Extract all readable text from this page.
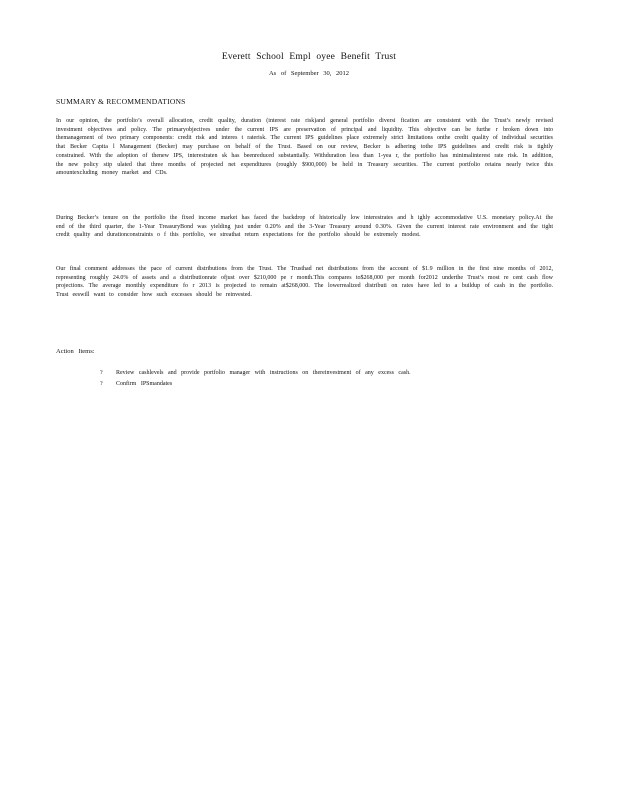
Everett School Empl oyee Benefit Trust
As of September 30, 2012
SUMMARY & RECOMMENDATIONS

In our opinion, the portfolio’s overall allocation, credit quality, duration (interest rate risk)and general portfolio diversi fication are consistent with the Trust’s newly revised investment objectives and policy. The primaryobjectives under the current IPS are preservation of principal and liquidity. This objective can be furthe r broken down into themanagement of two primary components: credit risk and interes t raterisk. The current IPS guidelines place extremely strict limitations onthe credit quality of individual securities that Becker Capita l Management (Becker) may purchase on behalf of the Trust. Based on our review, Becker is adhering tothe IPS guidelines and credit risk is tightly constrained. With the adoption of thenew IPS, interestraten sk has beenreduced substantially. Withduration less than 1-yea r, the portfolio has minimalinterest rate risk. In addition, the new policy stip ulated that three months of projected net expenditures (roughly $900,000) be held in Treasury securities. The current portfolio retains nearly twice this amountexcluding money market and CDs.

During Becker’s tenure on the portfolio the fixed income market has faced the backdrop of historically low interestrates and h ighly accommodative U.S. monetary policy.At the end of the third quarter, the 1-Year TreasuryBond was yielding just under 0.20% and the 3-Year Treasury around 0.30%. Given the current interest rate environment and the tight credit quality and durationconstraints o f this portfolio, we streathat return expectations for the portfolio should be extremely modest.

Our final comment addresses the pace of current distributions from the Trust. The Trusthad net distributions from the account of $1.9 million in the first nine months of 2012, representing roughly 24.0% of assets and a distributionrate ofjust over $210,000 pe r month.This compares to$268,000 per month for2012 underthe Trust’s most re cent cash flow projections. The average monthly expenditure fo r 2013 is projected to remain at$268,000. The lowerrealized distributi on rates have led to a buildup of cash in the portfolio. Trust eeswill want to consider how such excesses should be reinvested.

Action Items:
? Review cashlevels and provide portfolio manager with instructions on thereinvestment of any excess cash.
? Confirm IPSmandates
